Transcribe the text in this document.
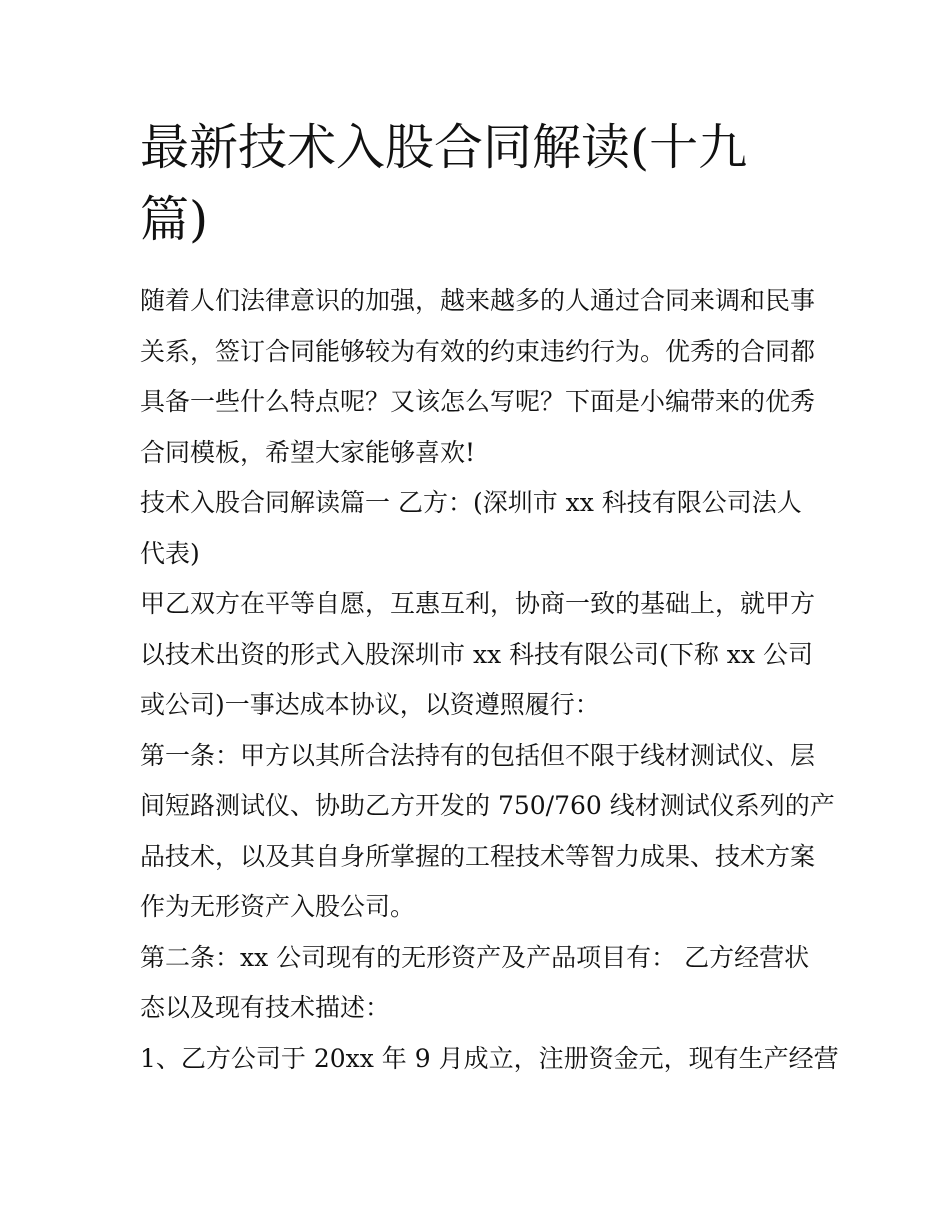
最新技术入股合同解读(十九
篇)

随着人们法律意识的加强，越来越多的人通过合同来调和民事
关系，签订合同能够较为有效的约束违约行为。优秀的合同都
具备一些什么特点呢？又该怎么写呢？下面是小编带来的优秀
合同模板，希望大家能够喜欢!

技术入股合同解读篇一 乙方：(深圳市 xx 科技有限公司法人
代表)

甲乙双方在平等自愿，互惠互利，协商一致的基础上，就甲方
以技术出资的形式入股深圳市 xx 科技有限公司(下称 xx 公司
或公司)一事达成本协议，以资遵照履行：

第一条：甲方以其所合法持有的包括但不限于线材测试仪、层
间短路测试仪、协助乙方开发的 750/760 线材测试仪系列的产
品技术，以及其自身所掌握的工程技术等智力成果、技术方案
作为无形资产入股公司。

第二条：xx 公司现有的无形资产及产品项目有： 乙方经营状
态以及现有技术描述：

1、乙方公司于 20xx 年 9 月成立，注册资金元，现有生产经营
